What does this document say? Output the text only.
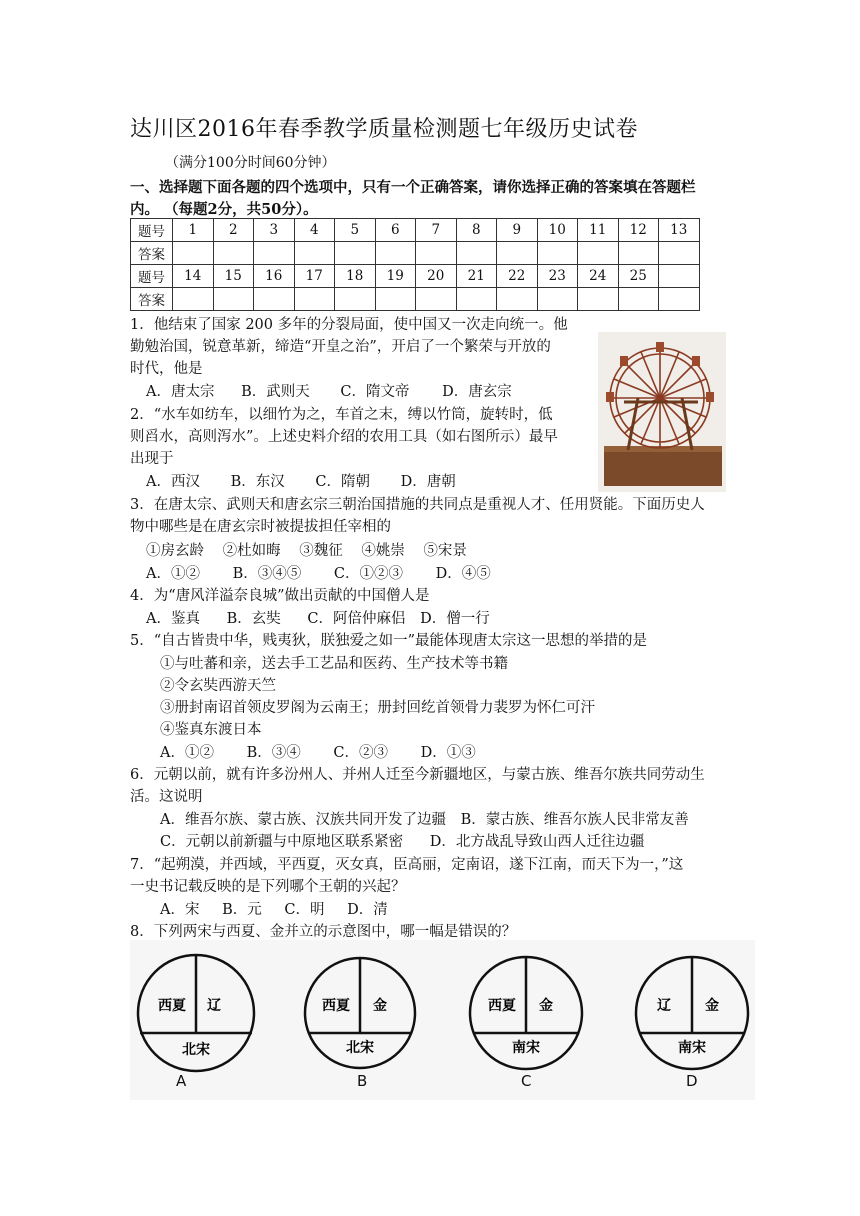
达川区2016年春季教学质量检测题七年级历史试卷
（满分100分时间60分钟）
一、选择题下面各题的四个选项中，只有一个正确答案，请你选择正确的答案填在答题栏
内。 （每题2分，共50分）。
题号	1	2	3	4	5	6	7	8	9	10	11	12	13
答案													
题号	14	15	16	17	18	19	20	21	22	23	24	25	
答案													
1．他结束了国家 200 多年的分裂局面，使中国又一次走向统一。他
勤勉治国，锐意革新，缔造“开皇之治”，开启了一个繁荣与开放的
时代，他是
A．唐太宗 B．武则天 C．隋文帝 D．唐玄宗
2．“水车如纺车，以细竹为之，车首之末，缚以竹筒，旋转时，低
则舀水，高则泻水”。上述史料介绍的农用工具（如右图所示）最早
出现于
A．西汉 B．东汉 C．隋朝 D．唐朝
3．在唐太宗、武则天和唐玄宗三朝治国措施的共同点是重视人才、任用贤能。下面历史人
物中哪些是在唐玄宗时被提拔担任宰相的
①房玄龄 ②杜如晦 ③魏征 ④姚崇 ⑤宋景
A．①② B．③④⑤ C．①②③ D．④⑤
4．为“唐风洋溢奈良城”做出贡献的中国僧人是
A．鉴真 B．玄奘 C．阿倍仲麻侣 D．僧一行
5．“自古皆贵中华，贱夷狄，朕独爱之如一”最能体现唐太宗这一思想的举措的是
①与吐蕃和亲，送去手工艺品和医药、生产技术等书籍
②令玄奘西游天竺
③册封南诏首领皮罗阁为云南王；册封回纥首领骨力裴罗为怀仁可汗
④鉴真东渡日本
A．①② B．③④ C．②③ D．①③
6．元朝以前，就有许多汾州人、并州人迁至今新疆地区，与蒙古族、维吾尔族共同劳动生
活。这说明
A．维吾尔族、蒙古族、汉族共同开发了边疆 B．蒙古族、维吾尔族人民非常友善
C．元朝以前新疆与中原地区联系紧密 D．北方战乱导致山西人迁往边疆
7．“起朔漠，并西域，平西夏，灭女真，臣高丽，定南诏，遂下江南，而天下为一，”这
一史书记载反映的是下列哪个王朝的兴起？
A．宋 B．元 C．明 D．清
8．下列两宋与西夏、金并立的示意图中，哪一幅是错误的？
西夏 辽
北宋
西夏 金
北宋
西夏 金
南宋
辽 金
南宋
A	B	C	D
